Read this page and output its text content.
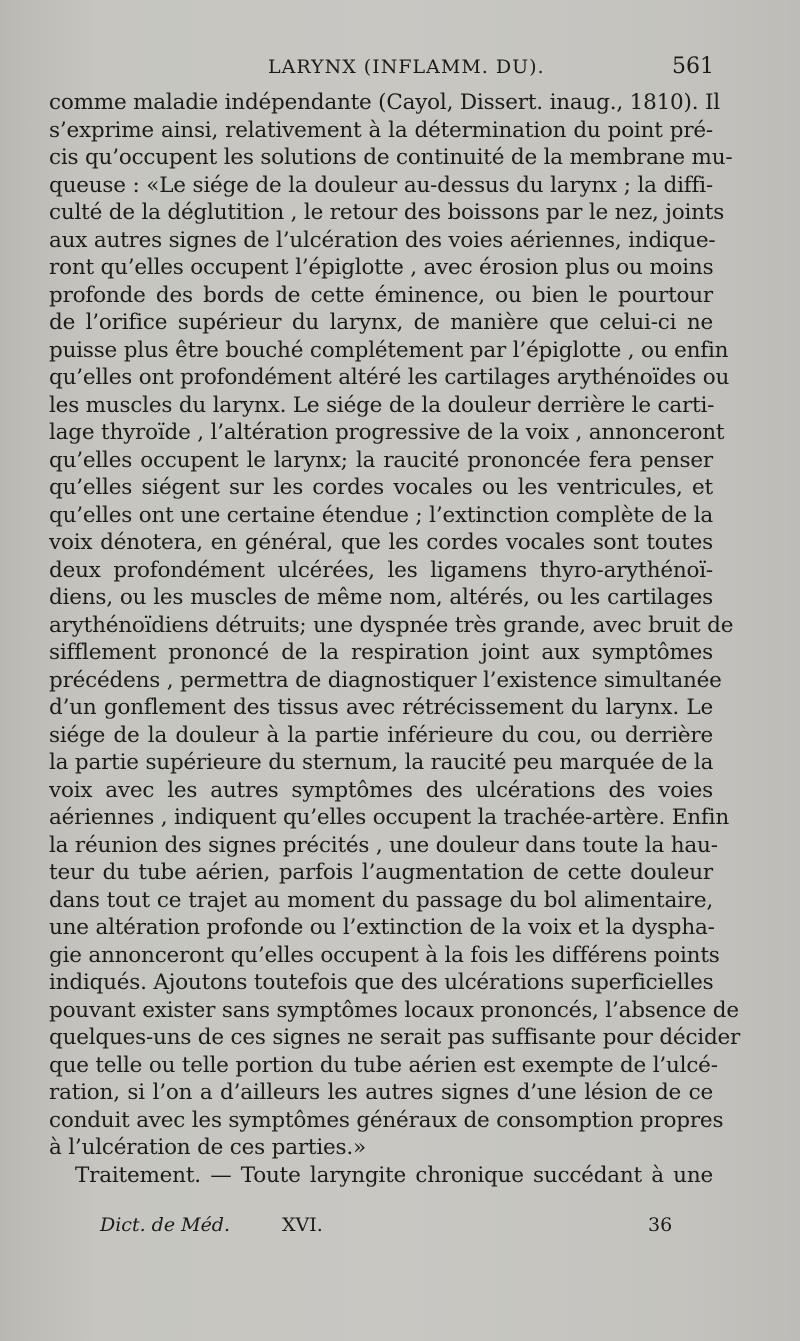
LARYNX (INFLAMM. DU).	561
comme maladie indépendante (Cayol, Dissert. inaug., 1810). Il
s’exprime ainsi, relativement à la détermination du point pré-
cis qu’occupent les solutions de continuité de la membrane mu-
queuse : «Le siége de la douleur au-dessus du larynx ; la diffi-
culté de la déglutition , le retour des boissons par le nez, joints
aux autres signes de l’ulcération des voies aériennes, indique-
ront qu’elles occupent l’épiglotte , avec érosion plus ou moins
profonde des bords de cette éminence, ou bien le pourtour
de l’orifice supérieur du larynx, de manière que celui-ci ne
puisse plus être bouché complétement par l’épiglotte , ou enfin
qu’elles ont profondément altéré les cartilages arythénoïdes ou
les muscles du larynx. Le siége de la douleur derrière le carti-
lage thyroïde , l’altération progressive de la voix , annonceront
qu’elles occupent le larynx; la raucité prononcée fera penser
qu’elles siégent sur les cordes vocales ou les ventricules, et
qu’elles ont une certaine étendue ; l’extinction complète de la
voix dénotera, en général, que les cordes vocales sont toutes
deux profondément ulcérées, les ligamens thyro-arythénoï-
diens, ou les muscles de même nom, altérés, ou les cartilages
arythénoïdiens détruits; une dyspnée très grande, avec bruit de
sifflement prononcé de la respiration joint aux symptômes
précédens , permettra de diagnostiquer l’existence simultanée
d’un gonflement des tissus avec rétrécissement du larynx. Le
siége de la douleur à la partie inférieure du cou, ou derrière
la partie supérieure du sternum, la raucité peu marquée de la
voix avec les autres symptômes des ulcérations des voies
aériennes , indiquent qu’elles occupent la trachée-artère. Enfin
la réunion des signes précités , une douleur dans toute la hau-
teur du tube aérien, parfois l’augmentation de cette douleur
dans tout ce trajet au moment du passage du bol alimentaire,
une altération profonde ou l’extinction de la voix et la dyspha-
gie annonceront qu’elles occupent à la fois les différens points
indiqués. Ajoutons toutefois que des ulcérations superficielles
pouvant exister sans symptômes locaux prononcés, l’absence de
quelques-uns de ces signes ne serait pas suffisante pour décider
que telle ou telle portion du tube aérien est exempte de l’ulcé-
ration, si l’on a d’ailleurs les autres signes d’une lésion de ce
conduit avec les symptômes généraux de consomption propres
à l’ulcération de ces parties.»
Traitement. — Toute laryngite chronique succédant à une
Dict. de Méd.	XVI.	36
